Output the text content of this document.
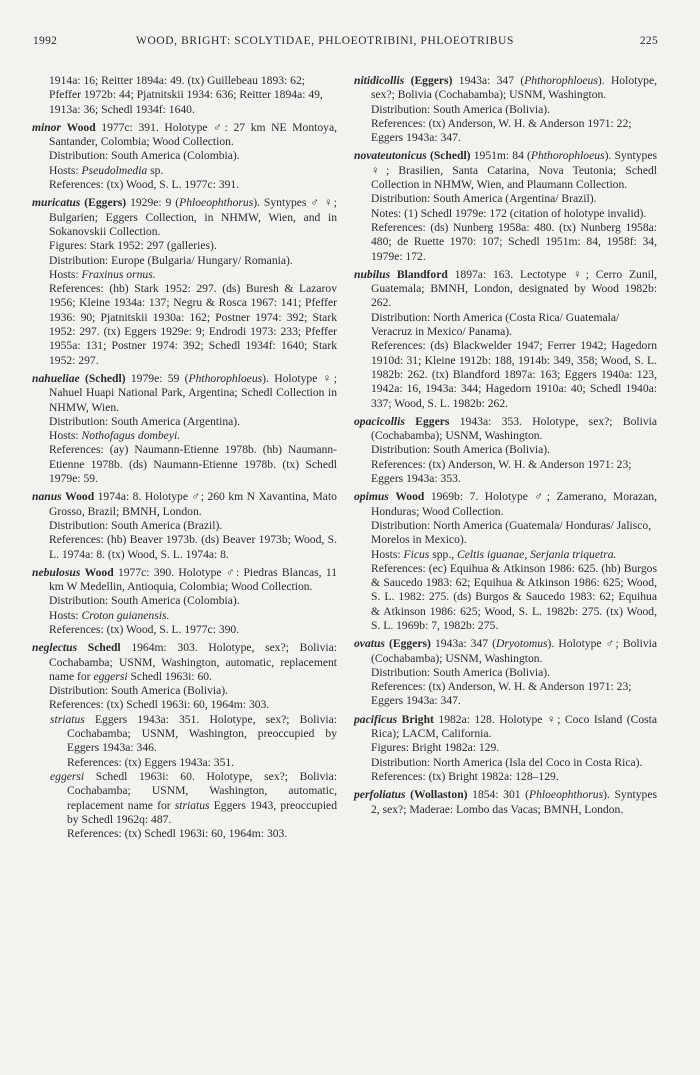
1992	WOOD, BRIGHT: SCOLYTIDAE, PHLOEOTRIBINI, PHLOEOTRIBUS	225

1914a: 16; Reitter 1894a: 49. (tx) Guillebeau 1893: 62; Pfeffer 1972b: 44; Pjatnitskii 1934: 636; Reitter 1894a: 49, 1913a: 36; Schedl 1934f: 1640.

minor Wood 1977c: 391. Holotype ♂: 27 km NE Montoya, Santander, Colombia; Wood Collection.

Distribution: South America (Colombia).

Hosts: Pseudolmedia sp.

References: (tx) Wood, S. L. 1977c: 391.

muricatus (Eggers) 1929e: 9 (Phloeophthorus). Syntypes ♂ ♀; Bulgarien; Eggers Collection, in NHMW, Wien, and in Sokanovskii Collection.

Figures: Stark 1952: 297 (galleries).

Distribution: Europe (Bulgaria/ Hungary/ Romania).

Hosts: Fraxinus ornus.

References: (hb) Stark 1952: 297. (ds) Buresh & Lazarov 1956; Kleine 1934a: 137; Negru & Rosca 1967: 141; Pfeffer 1936: 90; Pjatnitskii 1930a: 162; Postner 1974: 392; Stark 1952: 297. (tx) Eggers 1929e: 9; Endrodi 1973: 233; Pfeffer 1955a: 131; Postner 1974: 392; Schedl 1934f: 1640; Stark 1952: 297.

nahueliae (Schedl) 1979e: 59 (Phthorophloeus). Holotype ♀; Nahuel Huapi National Park, Argentina; Schedl Collection in NHMW, Wien.

Distribution: South America (Argentina).

Hosts: Nothofagus dombeyi.

References: (ay) Naumann-Etienne 1978b. (hb) Naumann-Etienne 1978b. (ds) Naumann-Etienne 1978b. (tx) Schedl 1979e: 59.

nanus Wood 1974a: 8. Holotype ♂; 260 km N Xavantina, Mato Grosso, Brazil; BMNH, London.

Distribution: South America (Brazil).

References: (hb) Beaver 1973b. (ds) Beaver 1973b; Wood, S. L. 1974a: 8. (tx) Wood, S. L. 1974a: 8.

nebulosus Wood 1977c: 390. Holotype ♂: Piedras Blancas, 11 km W Medellin, Antioquia, Colombia; Wood Collection.

Distribution: South America (Colombia).

Hosts: Croton guianensis.

References: (tx) Wood, S. L. 1977c: 390.

neglectus Schedl 1964m: 303. Holotype, sex?; Bolivia: Cochabamba; USNM, Washington, automatic, replacement name for eggersi Schedl 1963i: 60.

Distribution: South America (Bolivia).

References: (tx) Schedl 1963i: 60, 1964m: 303.

striatus Eggers 1943a: 351. Holotype, sex?; Bolivia: Cochabamba; USNM, Washington, preoccupied by Eggers 1943a: 346.

References: (tx) Eggers 1943a: 351.

eggersi Schedl 1963i: 60. Holotype, sex?; Bolivia: Cochabamba; USNM, Washington, automatic, replacement name for striatus Eggers 1943, preoccupied by Schedl 1962q: 487.

References: (tx) Schedl 1963i: 60, 1964m: 303.

nitidicollis (Eggers) 1943a: 347 (Phthorophloeus). Holotype, sex?; Bolivia (Cochabamba); USNM, Washington.

Distribution: South America (Bolivia).

References: (tx) Anderson, W. H. & Anderson 1971: 22; Eggers 1943a: 347.

novateutonicus (Schedl) 1951m: 84 (Phthorophloeus). Syntypes ♀; Brasilien, Santa Catarina, Nova Teutonia; Schedl Collection in NHMW, Wien, and Plaumann Collection.

Distribution: South America (Argentina/ Brazil).

Notes: (1) Schedl 1979e: 172 (citation of holotype invalid).

References: (ds) Nunberg 1958a: 480. (tx) Nunberg 1958a: 480; de Ruette 1970: 107; Schedl 1951m: 84, 1958f: 34, 1979e: 172.

nubilus Blandford 1897a: 163. Lectotype ♀; Cerro Zunil, Guatemala; BMNH, London, designated by Wood 1982b: 262.

Distribution: North America (Costa Rica/ Guatemala/ Veracruz in Mexico/ Panama).

References: (ds) Blackwelder 1947; Ferrer 1942; Hagedorn 1910d: 31; Kleine 1912b: 188, 1914b: 349, 358; Wood, S. L. 1982b: 262. (tx) Blandford 1897a: 163; Eggers 1940a: 123, 1942a: 16, 1943a: 344; Hagedorn 1910a: 40; Schedl 1940a: 337; Wood, S. L. 1982b: 262.

opacicollis Eggers 1943a: 353. Holotype, sex?; Bolivia (Cochabamba); USNM, Washington.

Distribution: South America (Bolivia).

References: (tx) Anderson, W. H. & Anderson 1971: 23; Eggers 1943a: 353.

opimus Wood 1969b: 7. Holotype ♂; Zamerano, Morazan, Honduras; Wood Collection.

Distribution: North America (Guatemala/ Honduras/ Jalisco, Morelos in Mexico).

Hosts: Ficus spp., Celtis iguanae, Serjania triquetra.

References: (ec) Equihua & Atkinson 1986: 625. (hb) Burgos & Saucedo 1983: 62; Equihua & Atkinson 1986: 625; Wood, S. L. 1982: 275. (ds) Burgos & Saucedo 1983: 62; Equihua & Atkinson 1986: 625; Wood, S. L. 1982b: 275. (tx) Wood, S. L. 1969b: 7, 1982b: 275.

ovatus (Eggers) 1943a: 347 (Dryotomus). Holotype ♂; Bolivia (Cochabamba); USNM, Washington.

Distribution: South America (Bolivia).

References: (tx) Anderson, W. H. & Anderson 1971: 23; Eggers 1943a: 347.

pacificus Bright 1982a: 128. Holotype ♀; Coco Island (Costa Rica); LACM, California.

Figures: Bright 1982a: 129.

Distribution: North America (Isla del Coco in Costa Rica).

References: (tx) Bright 1982a: 128–129.

perfoliatus (Wollaston) 1854: 301 (Phloeophthorus). Syntypes 2, sex?; Maderae: Lombo das Vacas; BMNH, London.
